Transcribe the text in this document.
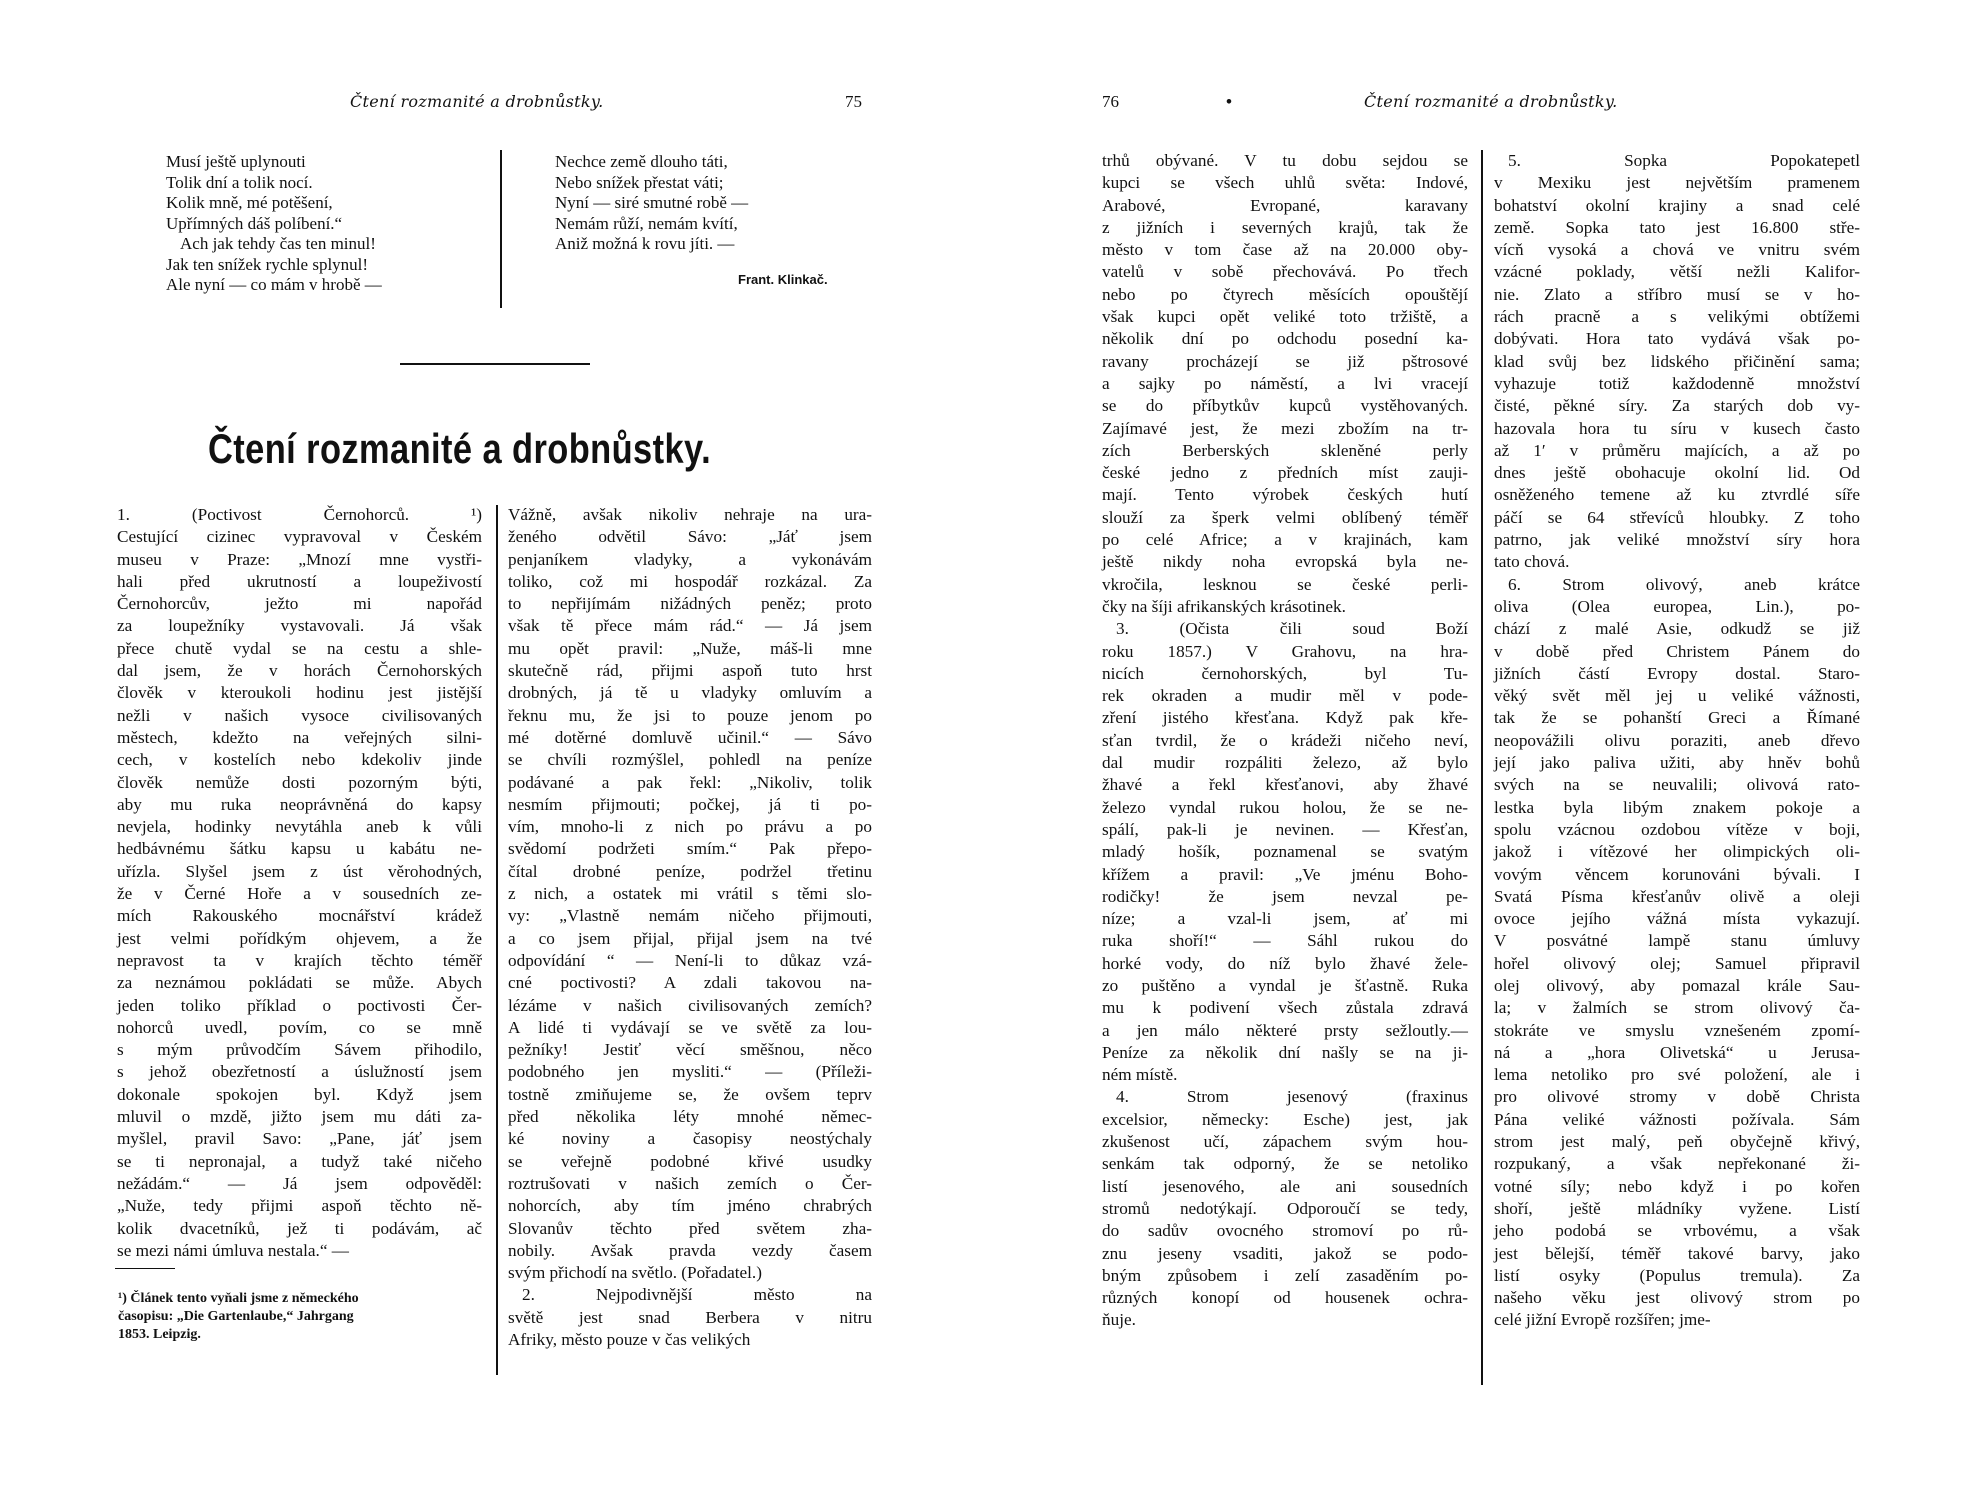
Čtení rozmanité a drobnůstky.	75
Musí ještě uplynouti
Tolik dní a tolik nocí.
Kolik mně, mé potěšení,
Upřímných dáš políbení.“
Ach jak tehdy čas ten minul!
Jak ten snížek rychle splynul!
Ale nyní — co mám v hrobě —
Nechce země dlouho táti,
Nebo snížek přestat váti;
Nyní — siré smutné robě —
Nemám růží, nemám kvítí,
Aniž možná k rovu jíti. —
Frant. Klinkač.
Čtení rozmanité a drobnůstky.
1. (Poctivost Černohorců. ¹)
Cestující cizinec vypravoval v Českém
museu v Praze: „Mnozí mne vystři-
hali před ukrutností a loupeživostí
Černohorcův, ježto mi napořád
za loupežníky vystavovali. Já však
přece chutě vydal se na cestu a shle-
dal jsem, že v horách Černohorských
člověk v kteroukoli hodinu jest jistější
nežli v našich vysoce civilisovaných
městech, kdežto na veřejných silni-
cech, v kostelích nebo kdekoliv jinde
člověk nemůže dosti pozorným býti,
aby mu ruka neoprávněná do kapsy
nevjela, hodinky nevytáhla aneb k vůli
hedbávnému šátku kapsu u kabátu ne-
uřízla. Slyšel jsem z úst věrohodných,
že v Černé Hoře a v sousedních ze-
mích Rakouského mocnářství krádež
jest velmi pořídkým ohjevem, a že
nepravost ta v krajích těchto téměř
za neznámou pokládati se může. Abych
jeden toliko příklad o poctivosti Čer-
nohorců uvedl, povím, co se mně
s mým průvodčím Sávem přihodilo,
s jehož obezřetností a úslužností jsem
dokonale spokojen byl. Když jsem
mluvil o mzdě, jižto jsem mu dáti za-
myšlel, pravil Savo: „Pane, jáť jsem
se ti nepronajal, a tudyž také ničeho
nežádám.“ — Já jsem odpověděl:
„Nuže, tedy přijmi aspoň těchto ně-
kolik dvacetníků, jež ti podávám, ač
se mezi námi úmluva nestala.“ —
Vážně, avšak nikoliv nehraje na ura-
ženého odvětil Sávo: „Jáť jsem
penjaníkem vladyky, a vykonávám
toliko, což mi hospodář rozkázal. Za
to nepřijímám nižádných peněz; proto
však tě přece mám rád.“ — Já jsem
mu opět pravil: „Nuže, máš-li mne
skutečně rád, přijmi aspoň tuto hrst
drobných, já tě u vladyky omluvím a
řeknu mu, že jsi to pouze jenom po
mé dotěrné domluvě učinil.“ — Sávo
se chvíli rozmýšlel, pohledl na peníze
podávané a pak řekl: „Nikoliv, tolik
nesmím přijmouti; počkej, já ti po-
vím, mnoho-li z nich po právu a po
svědomí podržeti smím.“ Pak přepo-
čítal drobné peníze, podržel třetinu
z nich, a ostatek mi vrátil s těmi slo-
vy: „Vlastně nemám ničeho přijmouti,
a co jsem přijal, přijal jsem na tvé
odpovídání “ — Není-li to důkaz vzá-
cné poctivosti? A zdali takovou na-
lézáme v našich civilisovaných zemích?
A lidé ti vydávají se ve světě za lou-
pežníky! Jestiť věcí směšnou, něco
podobného jen mysliti.“ — (Příleži-
tostně zmiňujeme se, že ovšem teprv
před několika léty mnohé němec-
ké noviny a časopisy neostýchaly
se veřejně podobné křivé usudky
roztrušovati v našich zemích o Čer-
nohorcích, aby tím jméno chrabrých
Slovanův těchto před světem zha-
nobily. Avšak pravda vezdy časem
svým přichodí na světlo. (Pořadatel.)
2. Nejpodivnější město na
světě jest snad Berbera v nitru
Afriky, město pouze v čas velikých
¹) Článek tento vyňali jsme z německého
časopisu: „Die Gartenlaube,“ Jahrgang
1853. Leipzig.
76	•	Čtení rozmanité a drobnůstky.
trhů obývané. V tu dobu sejdou se
kupci se všech uhlů světa: Indové,
Arabové, Evropané, karavany
z jižních i severných krajů, tak že
město v tom čase až na 20.000 oby-
vatelů v sobě přechovává. Po třech
nebo po čtyrech měsících opouštějí
však kupci opět veliké toto tržiště, a
několik dní po odchodu posední ka-
ravany procházejí se již pštrosové
a sajky po náměstí, a lvi vracejí
se do příbytkův kupců vystěhovaných.
Zajímavé jest, že mezi zbožím na tr-
zích Berberských skleněné perly
české jedno z předních míst zauji-
mají. Tento výrobek českých hutí
slouží za šperk velmi oblíbený téměř
po celé Africe; a v krajinách, kam
ještě nikdy noha evropská byla ne-
vkročila, lesknou se české perli-
čky na šíji afrikanských krásotinek.
3. (Očista čili soud Boží
roku 1857.) V Grahovu, na hra-
nicích černohorských, byl Tu-
rek okraden a mudir měl v pode-
zření jistého křesťana. Když pak kře-
sťan tvrdil, že o krádeži ničeho neví,
dal mudir rozpáliti železo, až bylo
žhavé a řekl křesťanovi, aby žhavé
železo vyndal rukou holou, že se ne-
spálí, pak-li je nevinen. — Křesťan,
mladý hošík, poznamenal se svatým
křížem a pravil: „Ve jménu Boho-
rodičky! že jsem nevzal pe-
níze; a vzal-li jsem, ať mi
ruka shoří!“ — Sáhl rukou do
horké vody, do níž bylo žhavé žele-
zo puštěno a vyndal je šťastně. Ruka
mu k podivení všech zůstala zdravá
a jen málo některé prsty sežloutly.—
Peníze za několik dní našly se na ji-
ném místě.
4. Strom jesenový (fraxinus
excelsior, německy: Esche) jest, jak
zkušenost učí, zápachem svým hou-
senkám tak odporný, že se netoliko
listí jesenového, ale ani sousedních
stromů nedotýkají. Odporoučí se tedy,
do sadův ovocného stromoví po rů-
znu jeseny vsaditi, jakož se podo-
bným způsobem i zelí zasaděním po-
různých konopí od housenek ochra-
ňuje.
5. Sopka Popokatepetl
v Mexiku jest největším pramenem
bohatství okolní krajiny a snad celé
země. Sopka tato jest 16.800 stře-
vícň vysoká a chová ve vnitru svém
vzácné poklady, větší nežli Kalifor-
nie. Zlato a stříbro musí se v ho-
rách pracně a s velikými obtížemi
dobývati. Hora tato vydává však po-
klad svůj bez lidského přičinění sama;
vyhazuje totiž každodenně množství
čisté, pěkné síry. Za starých dob vy-
hazovala hora tu síru v kusech často
až 1′ v průměru majících, a až po
dnes ještě obohacuje okolní lid. Od
osněženého temene až ku ztvrdlé síře
páčí se 64 střevíců hloubky. Z toho
patrno, jak veliké množství síry hora
tato chová.
6. Strom olivový, aneb krátce
oliva (Olea europea, Lin.), po-
chází z malé Asie, odkudž se již
v době před Christem Pánem do
jižních částí Evropy dostal. Staro-
věký svět měl jej u veliké vážnosti,
tak že se pohanští Greci a Římané
neopovážili olivu poraziti, aneb dřevo
její jako paliva užiti, aby hněv bohů
svých na se neuvalili; olivová rato-
lestka byla libým znakem pokoje a
spolu vzácnou ozdobou vítěze v boji,
jakož i vítězové her olimpických oli-
vovým věncem korunováni bývali. I
Svatá Písma křesťanův olivě a oleji
ovoce jejího vážná místa vykazují.
V posvátné lampě stanu úmluvy
hořel olivový olej; Samuel připravil
olej olivový, aby pomazal krále Sau-
la; v žalmích se strom olivový ča-
stokráte ve smyslu vznešeném zpomí-
ná a „hora Olivetská“ u Jerusa-
lema netoliko pro své položení, ale i
pro olivové stromy v době Christa
Pána veliké vážnosti požívala. Sám
strom jest malý, peň obyčejně křivý,
rozpukaný, a však nepřekonané ži-
votné síly; nebo když i po kořen
shoří, ještě mládníky vyžene. Listí
jeho podobá se vrbovému, a však
jest bělejší, téměř takové barvy, jako
listí osyky (Populus tremula). Za
našeho věku jest olivový strom po
celé jižní Evropě rozšířen; jme-
